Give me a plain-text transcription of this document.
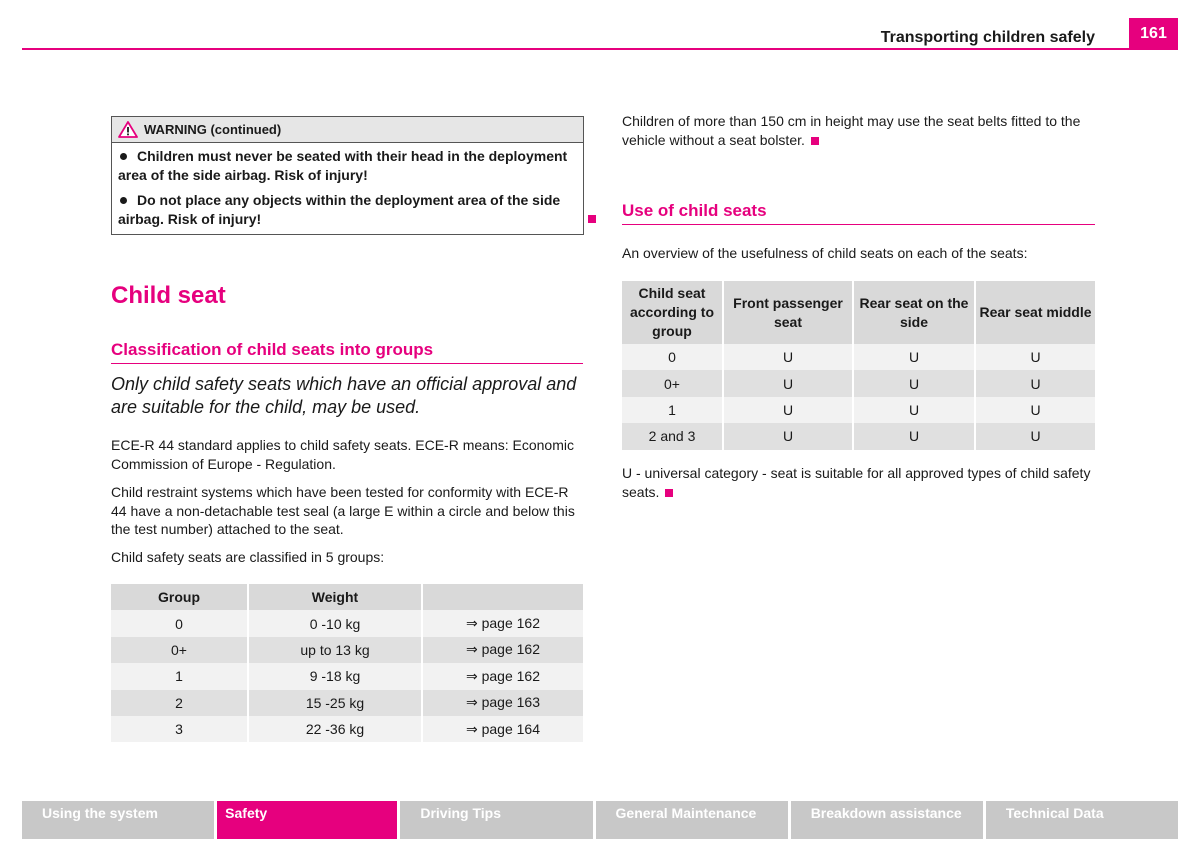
Transporting children safely	161
WARNING (continued)
Children must never be seated with their head in the deployment area of the side airbag. Risk of injury!
Do not place any objects within the deployment area of the side airbag. Risk of injury!
Child seat
Classification of child seats into groups

Only child safety seats which have an official approval and are suitable for the child, may be used.

ECE-R 44 standard applies to child safety seats. ECE-R means: Economic Commission of Europe - Regulation.

Child restraint systems which have been tested for conformity with ECE-R 44 have a non-detachable test seal (a large E within a circle and below this the test number) attached to the seat.

Child safety seats are classified in 5 groups:

Group	Weight	
0	0 -10 kg	⇒ page 162
0+	up to 13 kg	⇒ page 162
1	9 -18 kg	⇒ page 162
2	15 -25 kg	⇒ page 163
3	22 -36 kg	⇒ page 164

Children of more than 150 cm in height may use the seat belts fitted to the vehicle without a seat bolster.

Use of child seats

An overview of the usefulness of child seats on each of the seats:

Child seat according to group	Front passenger seat	Rear seat on the side	Rear seat middle
0	U	U	U
0+	U	U	U
1	U	U	U
2 and 3	U	U	U

U - universal category - seat is suitable for all approved types of child safety seats.

Using the system	Safety	Driving Tips	General Maintenance	Breakdown assistance	Technical Data
